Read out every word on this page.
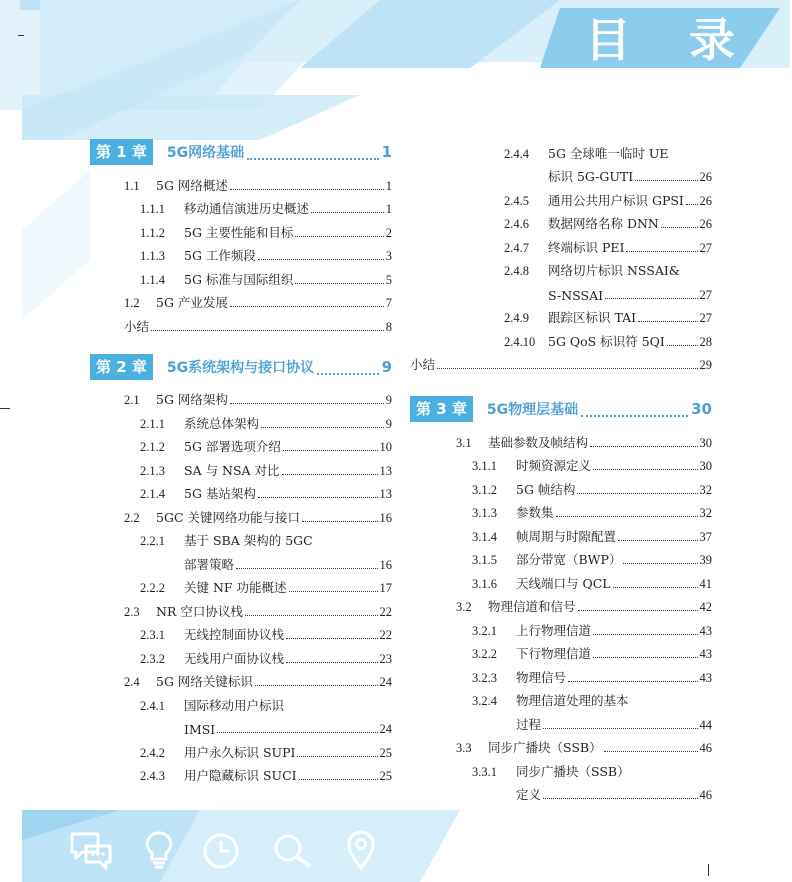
目 录
第 1 章	5G网络基础	1
1.1	5G 网络概述	1
1.1.1	移动通信演进历史概述	1
1.1.2	5G 主要性能和目标	2
1.1.3	5G 工作频段	3
1.1.4	5G 标准与国际组织	5
1.2	5G 产业发展	7
小结	8
第 2 章	5G系统架构与接口协议	9
2.1	5G 网络架构	9
2.1.1	系统总体架构	9
2.1.2	5G 部署选项介绍	10
2.1.3	SA 与 NSA 对比	13
2.1.4	5G 基站架构	13
2.2	5GC 关键网络功能与接口	16
2.2.1	基于 SBA 架构的 5GC
部署策略	16
2.2.2	关键 NF 功能概述	17
2.3	NR 空口协议栈	22
2.3.1	无线控制面协议栈	22
2.3.2	无线用户面协议栈	23
2.4	5G 网络关键标识	24
2.4.1	国际移动用户标识
IMSI	24
2.4.2	用户永久标识 SUPI	25
2.4.3	用户隐藏标识 SUCI	25
2.4.4	5G 全球唯一临时 UE
标识 5G-GUTI	26
2.4.5	通用公共用户标识 GPSI 26
2.4.6	数据网络名称 DNN	26
2.4.7	终端标识 PEI	27
2.4.8	网络切片标识 NSSAI&
S-NSSAI	27
2.4.9	跟踪区标识 TAI	27
2.4.10	5G QoS 标识符 5QI	28
小结	29
第 3 章	5G物理层基础	30
3.1	基础参数及帧结构	30
3.1.1	时频资源定义	30
3.1.2	5G 帧结构	32
3.1.3	参数集	32
3.1.4	帧周期与时隙配置	37
3.1.5	部分带宽（BWP）	39
3.1.6	天线端口与 QCL	41
3.2	物理信道和信号	42
3.2.1	上行物理信道	43
3.2.2	下行物理信道	43
3.2.3	物理信号	43
3.2.4	物理信道处理的基本
过程	44
3.3	同步广播块（SSB）	46
3.3.1	同步广播块（SSB）
定义	46
